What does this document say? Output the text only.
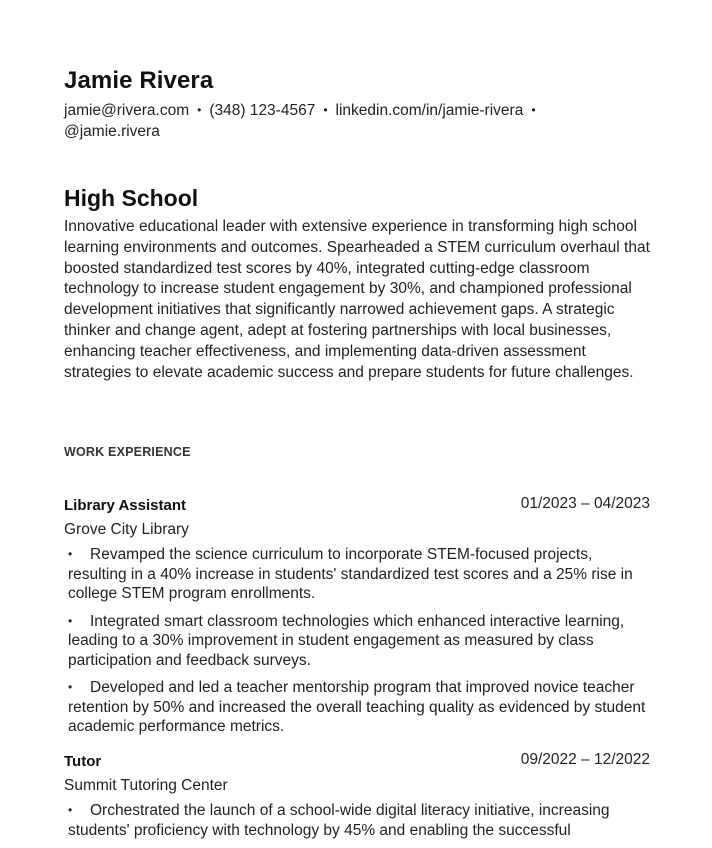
Jamie Rivera
jamie@rivera.com • (348) 123-4567 • linkedin.com/in/jamie-rivera •
@jamie.rivera
High School

Innovative educational leader with extensive experience in transforming high school learning environments and outcomes. Spearheaded a STEM curriculum overhaul that boosted standardized test scores by 40%, integrated cutting-edge classroom technology to increase student engagement by 30%, and championed professional development initiatives that significantly narrowed achievement gaps. A strategic thinker and change agent, adept at fostering partnerships with local businesses, enhancing teacher effectiveness, and implementing data-driven assessment strategies to elevate academic success and prepare students for future challenges.

WORK EXPERIENCE
Library Assistant	01/2023 – 04/2023
Grove City Library
• Revamped the science curriculum to incorporate STEM-focused projects, resulting in a 40% increase in students' standardized test scores and a 25% rise in college STEM program enrollments.
• Integrated smart classroom technologies which enhanced interactive learning, leading to a 30% improvement in student engagement as measured by class participation and feedback surveys.
• Developed and led a teacher mentorship program that improved novice teacher retention by 50% and increased the overall teaching quality as evidenced by student academic performance metrics.
Tutor	09/2022 – 12/2022
Summit Tutoring Center
• Orchestrated the launch of a school-wide digital literacy initiative, increasing students' proficiency with technology by 45% and enabling the successful
